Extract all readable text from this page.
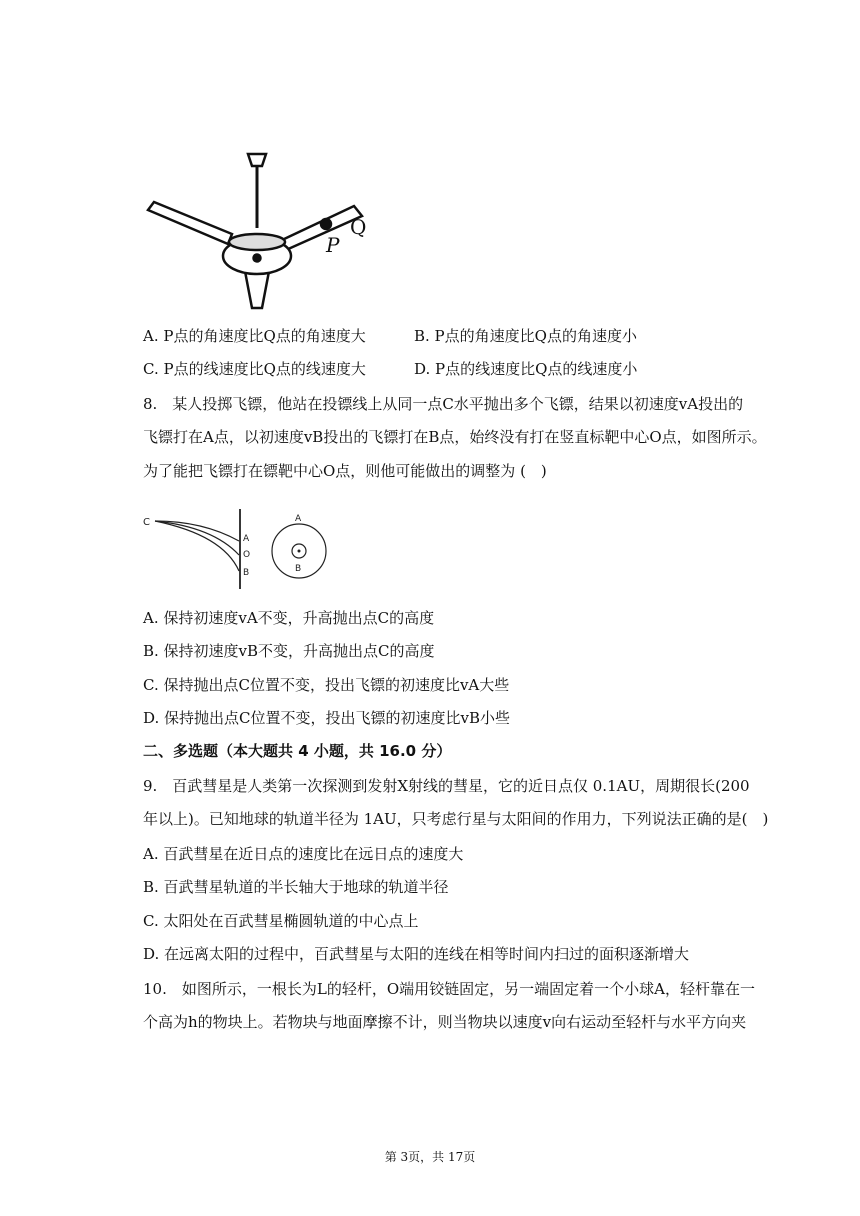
P
Q
A. P点的角速度比Q点的角速度大	B. P点的角速度比Q点的角速度小
C. P点的线速度比Q点的线速度大	D. P点的线速度比Q点的线速度小
8.　某人投掷飞镖，他站在投镖线上从同一点C水平抛出多个飞镖，结果以初速度vA投出的
飞镖打在A点，以初速度vB投出的飞镖打在B点，始终没有打在竖直标靶中心O点，如图所示。
为了能把飞镖打在镖靶中心O点，则他可能做出的调整为 (　)
C
A
O
B
A
B
A. 保持初速度vA不变，升高抛出点C的高度
B. 保持初速度vB不变，升高抛出点C的高度
C. 保持抛出点C位置不变，投出飞镖的初速度比vA大些
D. 保持抛出点C位置不变，投出飞镖的初速度比vB小些
二、多选题（本大题共 4 小题，共 16.0 分）
9.　百武彗星是人类第一次探测到发射X射线的彗星，它的近日点仅 0.1AU，周期很长(200
年以上)。已知地球的轨道半径为 1AU，只考虑行星与太阳间的作用力，下列说法正确的是(　)
A. 百武彗星在近日点的速度比在远日点的速度大
B. 百武彗星轨道的半长轴大于地球的轨道半径
C. 太阳处在百武彗星椭圆轨道的中心点上
D. 在远离太阳的过程中，百武彗星与太阳的连线在相等时间内扫过的面积逐渐增大
10.　如图所示，一根长为L的轻杆，O端用铰链固定，另一端固定着一个小球A，轻杆靠在一
个高为h的物块上。若物块与地面摩擦不计，则当物块以速度v向右运动至轻杆与水平方向夹
第 3页，共 17页
